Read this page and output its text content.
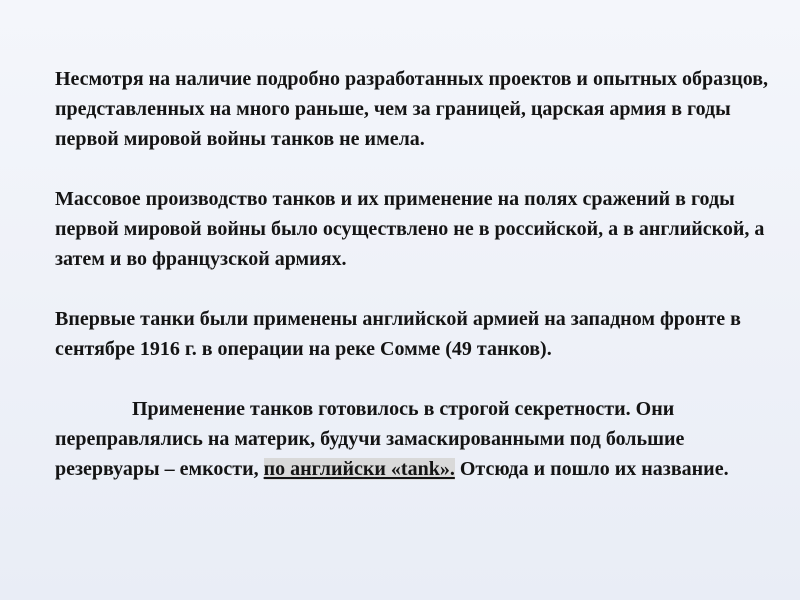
Несмотря на наличие подробно разработанных проектов и опытных образцов, представленных на много раньше, чем за границей, царская армия в годы первой мировой войны танков не имела.

Массовое производство танков и их применение на полях сражений в годы первой мировой войны было осуществлено не в российской, а в английской, а затем и во французской армиях.

Впервые танки были применены английской армией на западном фронте в сентябре 1916 г. в операции на реке Сомме (49 танков).

Применение танков готовилось в строгой секретности. Они переправлялись на материк, будучи замаскированными под большие резервуары – емкости, по английски «tank». Отсюда и пошло их название.
